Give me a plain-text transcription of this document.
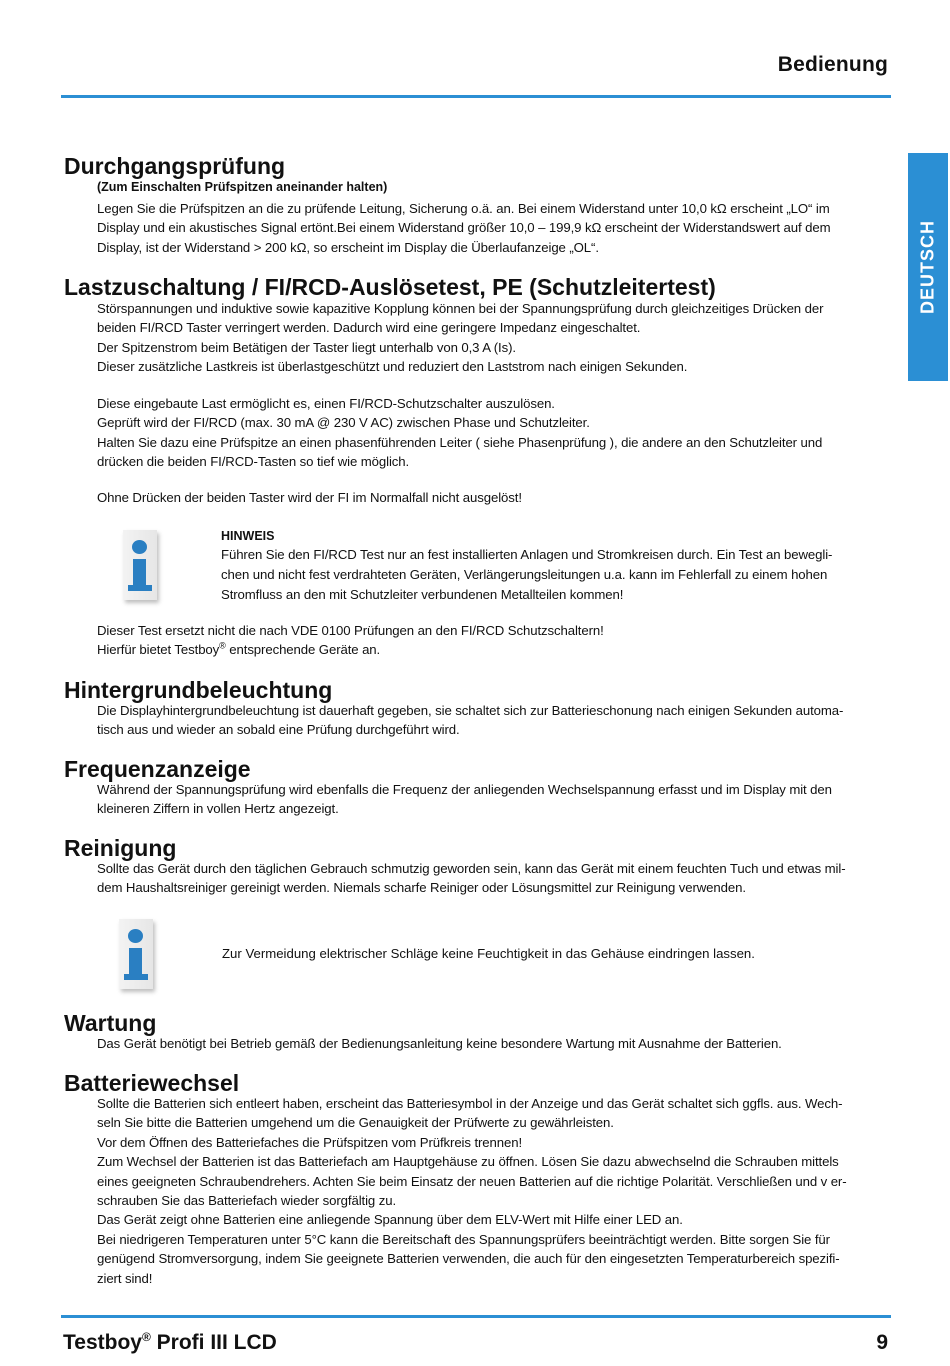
Bedienung
DEUTSCH
Durchgangsprüfung

(Zum Einschalten Prüfspitzen aneinander halten)

Legen Sie die Prüfspitzen an die zu prüfende Leitung, Sicherung o.ä. an. Bei einem Widerstand unter 10,0 kΩ erscheint „LO“ im
Display und ein akustisches Signal ertönt.Bei einem Widerstand größer 10,0 – 199,9 kΩ erscheint der Widerstandswert auf dem
Display, ist der Widerstand > 200 kΩ, so erscheint im Display die Überlaufanzeige „OL“.

Lastzuschaltung / FI/RCD-Auslösetest, PE (Schutzleitertest)

Störspannungen und induktive sowie kapazitive Kopplung können bei der Spannungsprüfung durch gleichzeitiges Drücken der
beiden FI/RCD Taster verringert werden. Dadurch wird eine geringere Impedanz eingeschaltet.
Der Spitzenstrom beim Betätigen der Taster liegt unterhalb von 0,3 A (Is).
Dieser zusätzliche Lastkreis ist überlastgeschützt und reduziert den Laststrom nach einigen Sekunden.

Diese eingebaute Last ermöglicht es, einen FI/RCD-Schutzschalter auszulösen.
Geprüft wird der FI/RCD (max. 30 mA @ 230 V AC) zwischen Phase und Schutzleiter.
Halten Sie dazu eine Prüfspitze an einen phasenführenden Leiter ( siehe Phasenprüfung ), die andere an den Schutzleiter und
drücken die beiden FI/RCD-Tasten so tief wie möglich.

Ohne Drücken der beiden Taster wird der FI im Normalfall nicht ausgelöst!

HINWEIS

Führen Sie den FI/RCD Test nur an fest installierten Anlagen und Stromkreisen durch. Ein Test an bewegli-
chen und nicht fest verdrahteten Geräten, Verlängerungsleitungen u.a. kann im Fehlerfall zu einem hohen
Stromfluss an den mit Schutzleiter verbundenen Metallteilen kommen!

Dieser Test ersetzt nicht die nach VDE 0100 Prüfungen an den FI/RCD Schutzschaltern!

Hierfür bietet Testboy® entsprechende Geräte an.

Hintergrundbeleuchtung

Die Displayhintergrundbeleuchtung ist dauerhaft gegeben, sie schaltet sich zur Batterieschonung nach einigen Sekunden automa-
tisch aus und wieder an sobald eine Prüfung durchgeführt wird.

Frequenzanzeige

Während der Spannungsprüfung wird ebenfalls die Frequenz der anliegenden Wechselspannung erfasst und im Display mit den
kleineren Ziffern in vollen Hertz angezeigt.

Reinigung

Sollte das Gerät durch den täglichen Gebrauch schmutzig geworden sein, kann das Gerät mit einem feuchten Tuch und etwas mil-
dem Haushaltsreiniger gereinigt werden. Niemals scharfe Reiniger oder Lösungsmittel zur Reinigung verwenden.

Zur Vermeidung elektrischer Schläge keine Feuchtigkeit in das Gehäuse eindringen lassen.

Wartung

Das Gerät benötigt bei Betrieb gemäß der Bedienungsanleitung keine besondere Wartung mit Ausnahme der Batterien.

Batteriewechsel

Sollte die Batterien sich entleert haben, erscheint das Batteriesymbol in der Anzeige und das Gerät schaltet sich ggfls. aus. Wech-
seln Sie bitte die Batterien umgehend um die Genauigkeit der Prüfwerte zu gewährleisten.
Vor dem Öffnen des Batteriefaches die Prüfspitzen vom Prüfkreis trennen!
Zum Wechsel der Batterien ist das Batteriefach am Hauptgehäuse zu öffnen. Lösen Sie dazu abwechselnd die Schrauben mittels
eines geeigneten Schraubendrehers. Achten Sie beim Einsatz der neuen Batterien auf die richtige Polarität. Verschließen und v er-
schrauben Sie das Batteriefach wieder sorgfältig zu.
Das Gerät zeigt ohne Batterien eine anliegende Spannung über dem ELV-Wert mit Hilfe einer LED an.
Bei niedrigeren Temperaturen unter 5°C kann die Bereitschaft des Spannungsprüfers beeinträchtigt werden. Bitte sorgen Sie für
genügend Stromversorgung, indem Sie geeignete Batterien verwenden, die auch für den eingesetzten Temperaturbereich spezifi-
ziert sind!

Testboy® Profi III LCD	9
